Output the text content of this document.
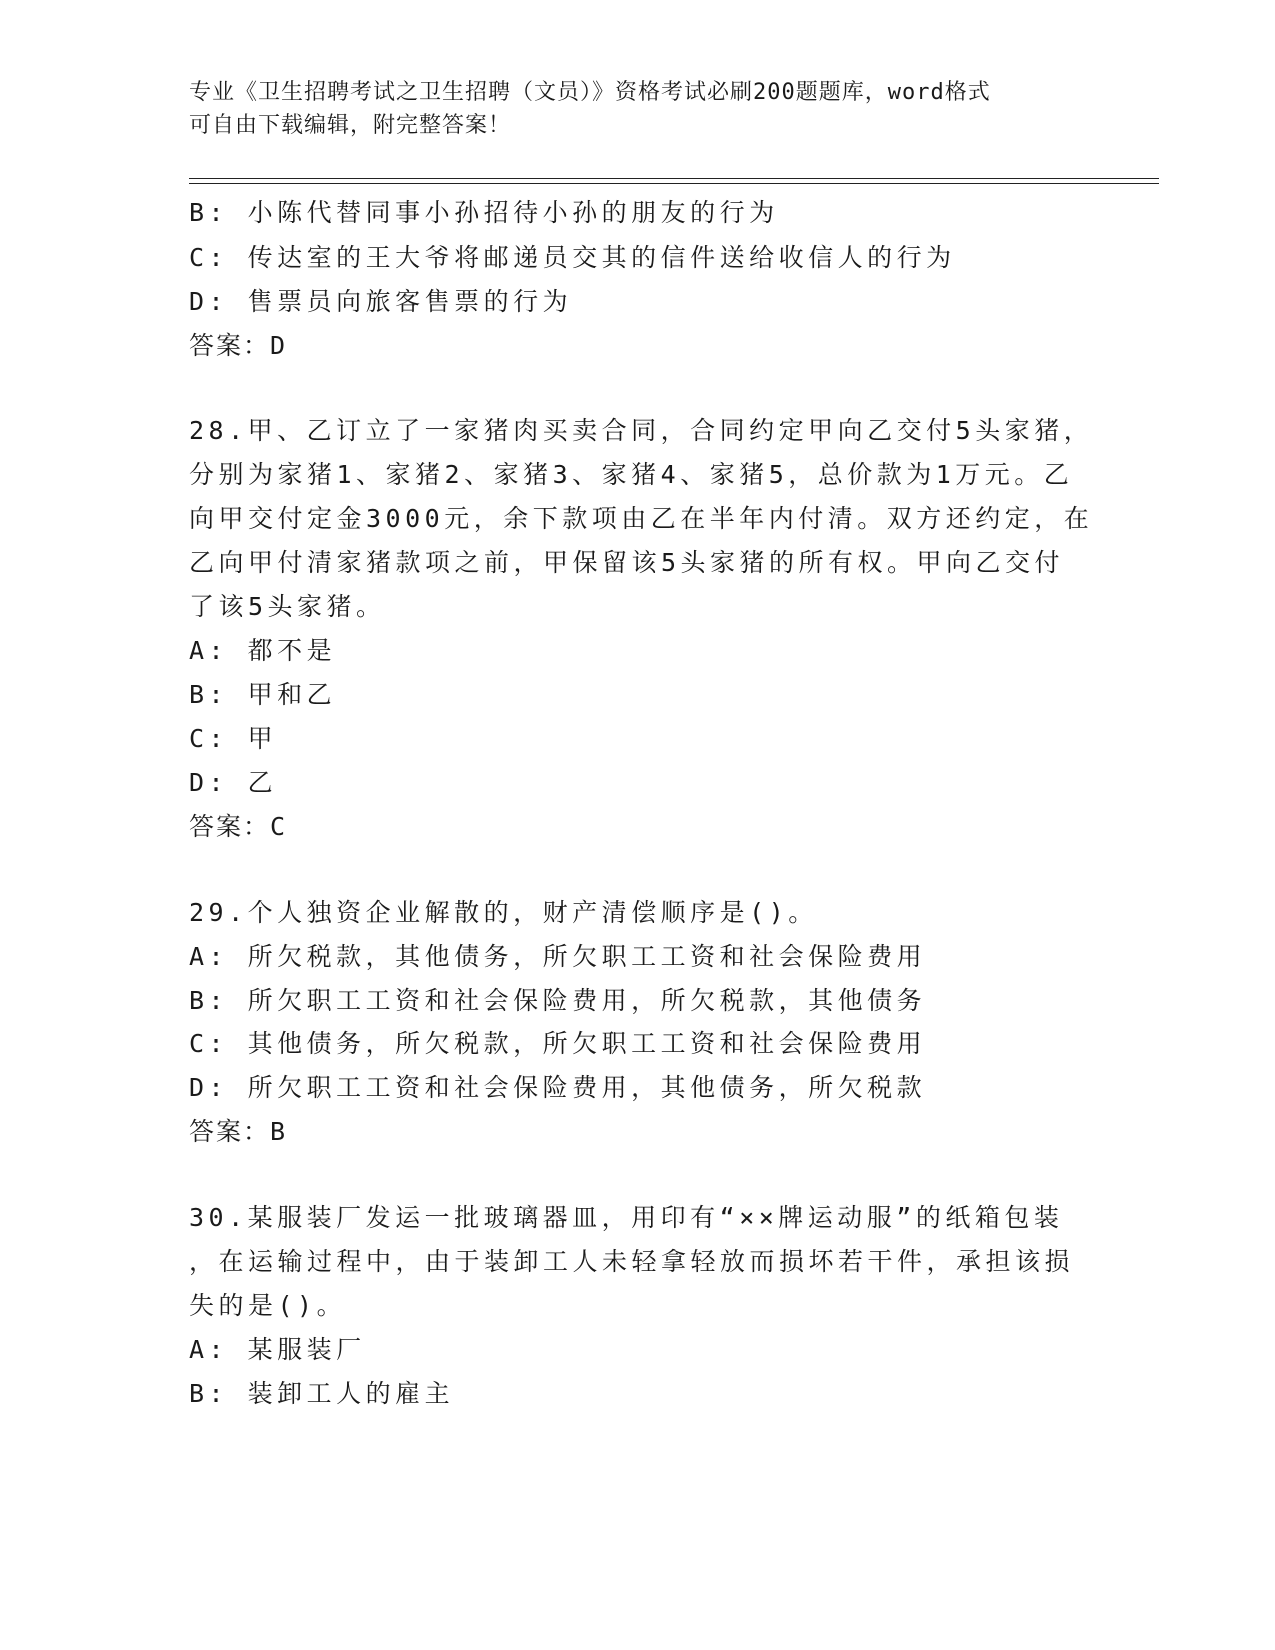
专业《卫生招聘考试之卫生招聘（文员）》资格考试必刷200题题库，word格式
可自由下载编辑，附完整答案！
B: 小陈代替同事小孙招待小孙的朋友的行为
C: 传达室的王大爷将邮递员交其的信件送给收信人的行为
D: 售票员向旅客售票的行为
答案：D
28.甲、乙订立了一家猪肉买卖合同，合同约定甲向乙交付5头家猪，
分别为家猪1、家猪2、家猪3、家猪4、家猪5，总价款为1万元。乙
向甲交付定金3000元，余下款项由乙在半年内付清。双方还约定，在
乙向甲付清家猪款项之前，甲保留该5头家猪的所有权。甲向乙交付
了该5头家猪。
A: 都不是
B: 甲和乙
C: 甲
D: 乙
答案：C
29.个人独资企业解散的，财产清偿顺序是()。
A: 所欠税款，其他债务，所欠职工工资和社会保险费用
B: 所欠职工工资和社会保险费用，所欠税款，其他债务
C: 其他债务，所欠税款，所欠职工工资和社会保险费用
D: 所欠职工工资和社会保险费用，其他债务，所欠税款
答案：B
30.某服装厂发运一批玻璃器皿，用印有“××牌运动服”的纸箱包装
，在运输过程中，由于装卸工人未轻拿轻放而损坏若干件，承担该损
失的是()。
A: 某服装厂
B: 装卸工人的雇主
